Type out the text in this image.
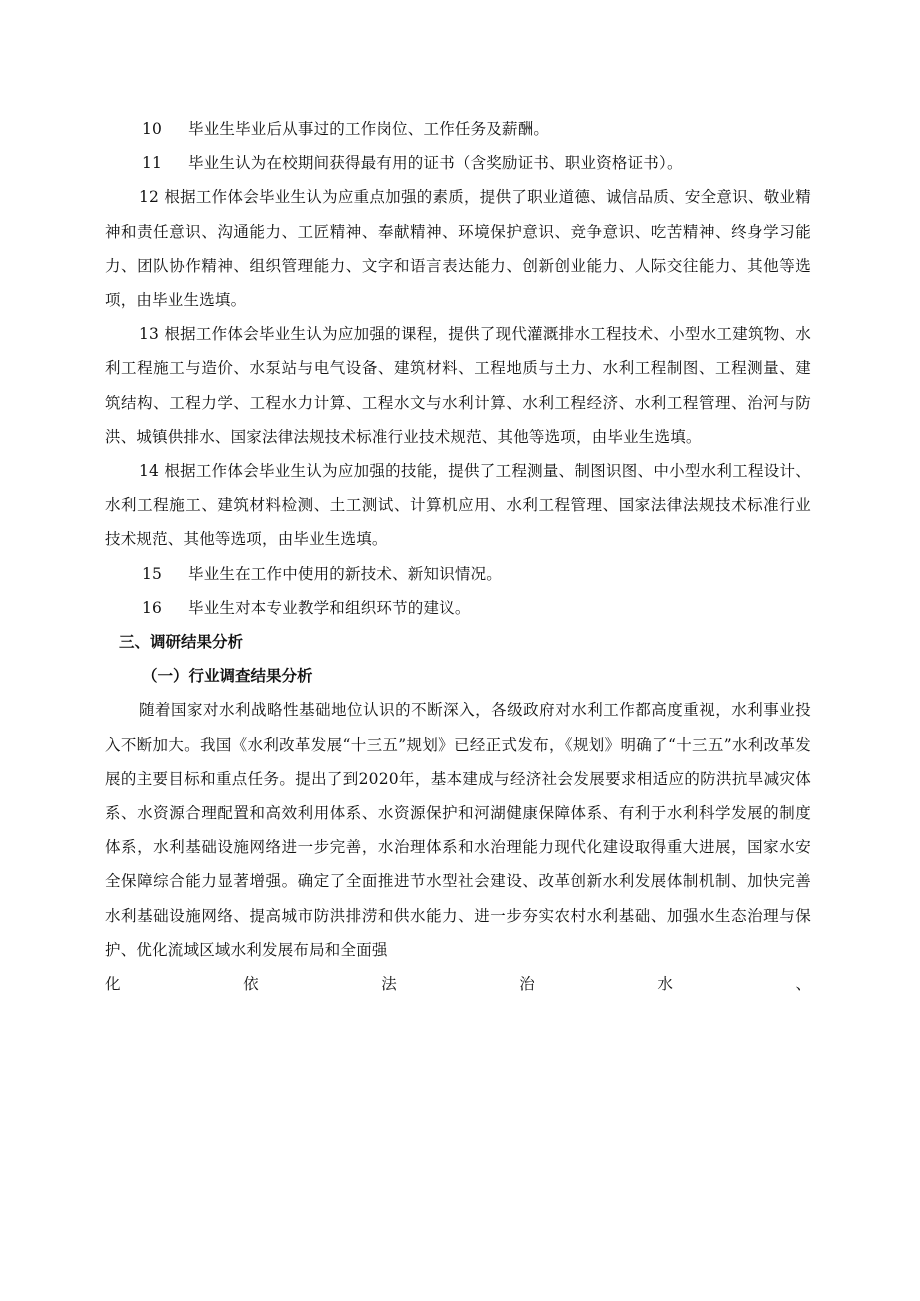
10 毕业生毕业后从事过的工作岗位、工作任务及薪酬。

11 毕业生认为在校期间获得最有用的证书（含奖励证书、职业资格证书）。

12 根据工作体会毕业生认为应重点加强的素质，提供了职业道德、诚信品质、安全意识、敬业精神和责任意识、沟通能力、工匠精神、奉献精神、环境保护意识、竞争意识、吃苦精神、终身学习能力、团队协作精神、组织管理能力、文字和语言表达能力、创新创业能力、人际交往能力、其他等选项，由毕业生选填。

13 根据工作体会毕业生认为应加强的课程，提供了现代灌溉排水工程技术、小型水工建筑物、水利工程施工与造价、水泵站与电气设备、建筑材料、工程地质与土力、水利工程制图、工程测量、建筑结构、工程力学、工程水力计算、工程水文与水利计算、水利工程经济、水利工程管理、治河与防洪、城镇供排水、国家法律法规技术标准行业技术规范、其他等选项，由毕业生选填。

14 根据工作体会毕业生认为应加强的技能，提供了工程测量、制图识图、中小型水利工程设计、水利工程施工、建筑材料检测、土工测试、计算机应用、水利工程管理、国家法律法规技术标准行业技术规范、其他等选项，由毕业生选填。

15 毕业生在工作中使用的新技术、新知识情况。

16 毕业生对本专业教学和组织环节的建议。

三、调研结果分析

（一）行业调查结果分析

随着国家对水利战略性基础地位认识的不断深入，各级政府对水利工作都高度重视，水利事业投入不断加大。我国《水利改革发展“十三五”规划》已经正式发布，《规划》明确了“十三五”水利改革发展的主要目标和重点任务。提出了到2020年，基本建成与经济社会发展要求相适应的防洪抗旱减灾体系、水资源合理配置和高效利用体系、水资源保护和河湖健康保障体系、有利于水利科学发展的制度体系，水利基础设施网络进一步完善，水治理体系和水治理能力现代化建设取得重大进展，国家水安全保障综合能力显著增强。确定了全面推进节水型社会建设、改革创新水利发展体制机制、加快完善水利基础设施网络、提高城市防洪排涝和供水能力、进一步夯实农村水利基础、加强水生态治理与保护、优化流域区域水利发展布局和全面强

化	依	法	治	水	、
